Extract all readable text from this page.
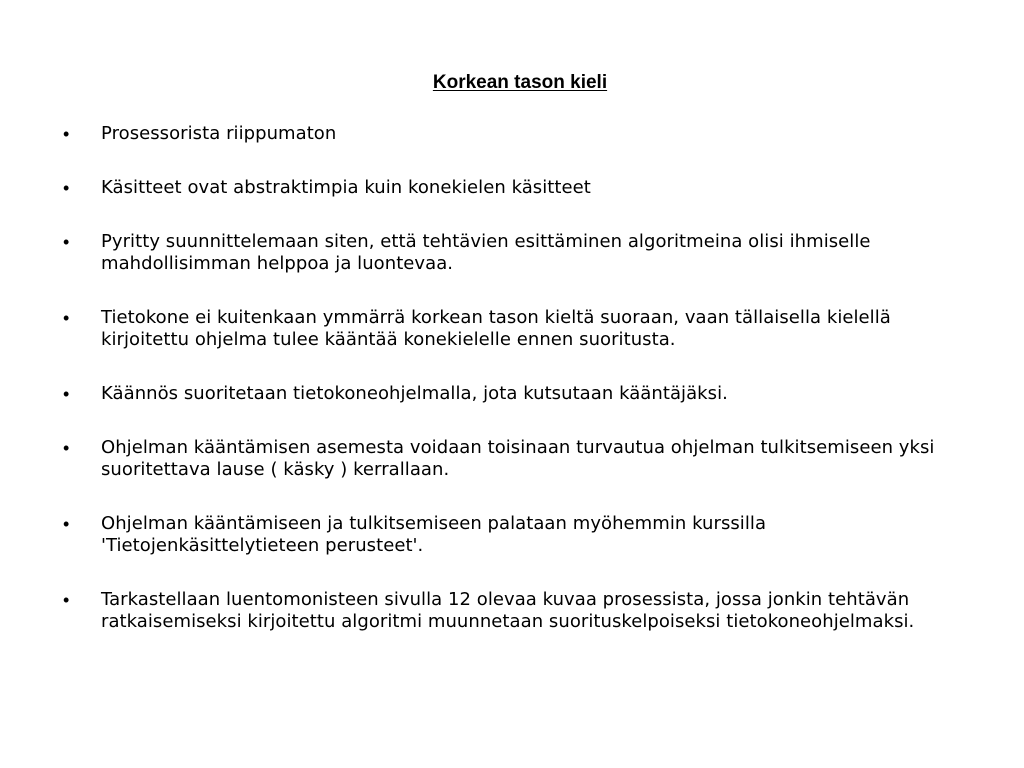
Korkean tason kieli
•	Prosessorista riippumaton
•	Käsitteet ovat abstraktimpia kuin konekielen käsitteet
•	Pyritty suunnittelemaan siten, että tehtävien esittäminen algoritmeina olisi ihmiselle mahdollisimman helppoa ja luontevaa.
•	Tietokone ei kuitenkaan ymmärrä korkean tason kieltä suoraan, vaan tällaisella kielellä kirjoitettu ohjelma tulee kääntää konekielelle ennen suoritusta.
•	Käännös suoritetaan tietokoneohjelmalla, jota kutsutaan kääntäjäksi.
•	Ohjelman kääntämisen asemesta voidaan toisinaan turvautua ohjelman tulkitsemiseen yksi suoritettava lause ( käsky ) kerrallaan.
•	Ohjelman kääntämiseen ja tulkitsemiseen palataan myöhemmin kurssilla 'Tietojenkäsittelytieteen perusteet'.
•	Tarkastellaan luentomonisteen sivulla 12 olevaa kuvaa prosessista, jossa jonkin tehtävän ratkaisemiseksi kirjoitettu algoritmi muunnetaan suorituskelpoiseksi tietokoneohjelmaksi.
